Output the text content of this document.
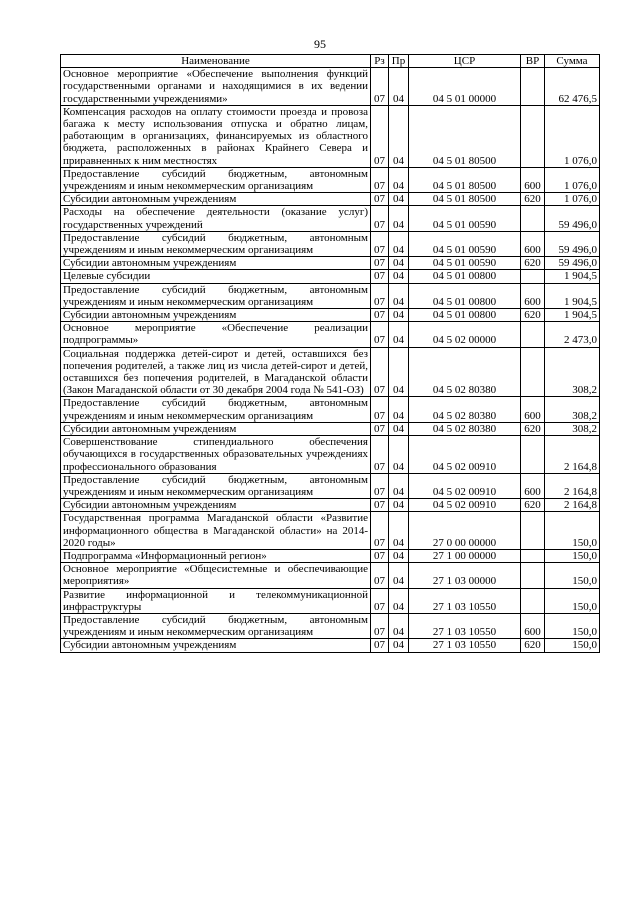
95
Наименование	Рз	Пр	ЦСР	ВР	Сумма
Основное мероприятие «Обеспечение выполнения функций государственными органами и находящимися в их ведении государственными учреждениями»	07	04	04 5 01 00000		62 476,5
Компенсация расходов на оплату стоимости проезда и провоза багажа к месту использования отпуска и обратно лицам, работающим в организациях, финансируемых из областного бюджета, расположенных в районах Крайнего Севера и приравненных к ним местностях	07	04	04 5 01 80500		1 076,0
Предоставление субсидий бюджетным, автономным учреждениям и иным некоммерческим организациям	07	04	04 5 01 80500	600	1 076,0
Субсидии автономным учреждениям	07	04	04 5 01 80500	620	1 076,0
Расходы на обеспечение деятельности (оказание услуг) государственных учреждений	07	04	04 5 01 00590		59 496,0
Предоставление субсидий бюджетным, автономным учреждениям и иным некоммерческим организациям	07	04	04 5 01 00590	600	59 496,0
Субсидии автономным учреждениям	07	04	04 5 01 00590	620	59 496,0
Целевые субсидии	07	04	04 5 01 00800		1 904,5
Предоставление субсидий бюджетным, автономным учреждениям и иным некоммерческим организациям	07	04	04 5 01 00800	600	1 904,5
Субсидии автономным учреждениям	07	04	04 5 01 00800	620	1 904,5
Основное мероприятие «Обеспечение реализации подпрограммы»	07	04	04 5 02 00000		2 473,0
Социальная поддержка детей-сирот и детей, оставшихся без попечения родителей, а также лиц из числа детей-сирот и детей, оставшихся без попечения родителей, в Магаданской области (Закон Магаданской области от 30 декабря 2004 года № 541-ОЗ)	07	04	04 5 02 80380		308,2
Предоставление субсидий бюджетным, автономным учреждениям и иным некоммерческим организациям	07	04	04 5 02 80380	600	308,2
Субсидии автономным учреждениям	07	04	04 5 02 80380	620	308,2
Совершенствование стипендиального обеспечения обучающихся в государственных образовательных учреждениях профессионального образования	07	04	04 5 02 00910		2 164,8
Предоставление субсидий бюджетным, автономным учреждениям и иным некоммерческим организациям	07	04	04 5 02 00910	600	2 164,8
Субсидии автономным учреждениям	07	04	04 5 02 00910	620	2 164,8
Государственная программа Магаданской области «Развитие информационного общества в Магаданской области» на 2014-2020 годы»	07	04	27 0 00 00000		150,0
Подпрограмма «Информационный регион»	07	04	27 1 00 00000		150,0
Основное мероприятие «Общесистемные и обеспечивающие мероприятия»	07	04	27 1 03 00000		150,0
Развитие информационной и телекоммуникационной инфраструктуры	07	04	27 1 03 10550		150,0
Предоставление субсидий бюджетным, автономным учреждениям и иным некоммерческим организациям	07	04	27 1 03 10550	600	150,0
Субсидии автономным учреждениям	07	04	27 1 03 10550	620	150,0
